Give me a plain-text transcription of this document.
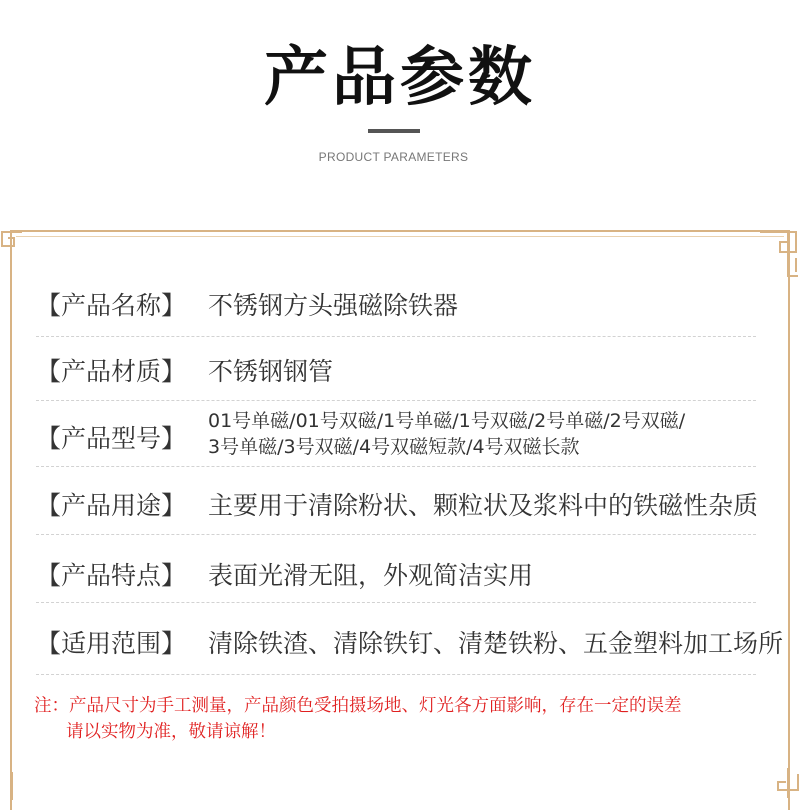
产品参数
PRODUCT PARAMETERS
【产品名称】 不锈钢方头强磁除铁器
【产品材质】 不锈钢钢管
【产品型号】
01号单磁/01号双磁/1号单磁/1号双磁/2号单磁/2号双磁/
3号单磁/3号双磁/4号双磁短款/4号双磁长款
【产品用途】 主要用于清除粉状、颗粒状及浆料中的铁磁性杂质
【产品特点】 表面光滑无阻，外观简洁实用
【适用范围】 清除铁渣、清除铁钉、清楚铁粉、五金塑料加工场所
注：产品尺寸为手工测量，产品颜色受拍摄场地、灯光各方面影响，存在一定的误差
请以实物为准，敬请谅解！
